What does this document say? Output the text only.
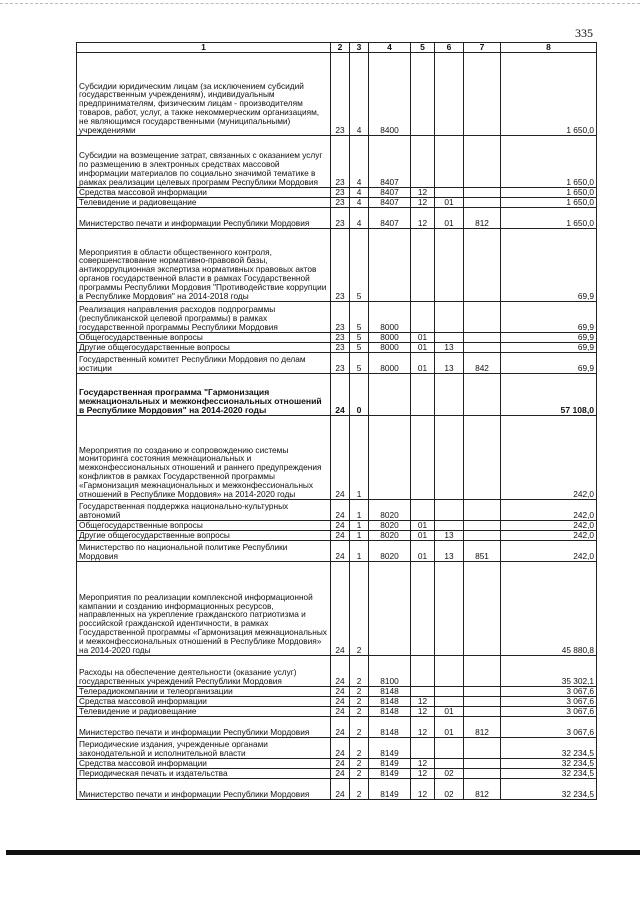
335
1	2	3	4	5	6	7	8
Субсидии юридическим лицам (за исключением субсидий государственным учреждениям), индивидуальным предпринимателям, физическим лицам - производителям товаров, работ, услуг, а также некоммерческим организациям, не являющимся государственными (муниципальными) учреждениями	23	4	8400				1 650,0
Субсидии на возмещение затрат, связанных с оказанием услуг по размещению в электронных средствах массовой информации материалов по социально значимой тематике в рамках реализации целевых программ Республики Мордовия	23	4	8407				1 650,0
Средства массовой информации	23	4	8407	12			1 650,0
Телевидение и радиовещание	23	4	8407	12	01		1 650,0
Министерство печати и информации Республики Мордовия	23	4	8407	12	01	812	1 650,0
Мероприятия в области общественного контроля, совершенствование нормативно-правовой базы, антикоррупционная экспертиза нормативных правовых актов органов государственной власти в рамках Государственной программы Республики Мордовия "Противодействие коррупции в Республике Мордовия" на 2014-2018 годы	23	5					69,9
Реализация направления расходов подпрограммы (республиканской целевой программы) в рамках государственной программы Республики Мордовия	23	5	8000				69,9
Общегосударственные вопросы	23	5	8000	01			69,9
Другие общегосударственные вопросы	23	5	8000	01	13		69,9
Государственный комитет Республики Мордовия по делам юстиции	23	5	8000	01	13	842	69,9
Государственная программа "Гармонизация межнациональных и межконфессиональных отношений в Республике Мордовия" на 2014-2020 годы	24	0					57 108,0
Мероприятия по созданию и сопровождению системы мониторинга состояния межнациональных и межконфессиональных отношений и раннего предупреждения конфликтов в рамках Государственной программы «Гармонизация межнациональных и межконфессиональных отношений в Республике Мордовия» на 2014-2020 годы	24	1					242,0
Государственная поддержка национально-культурных автономий	24	1	8020				242,0
Общегосударственные вопросы	24	1	8020	01			242,0
Другие общегосударственные вопросы	24	1	8020	01	13		242,0
Министерство по национальной политике Республики Мордовия	24	1	8020	01	13	851	242,0
Мероприятия по реализации комплексной информационной кампании и созданию информационных ресурсов, направленных на укрепление гражданского патриотизма и российской гражданской идентичности, в рамках Государственной программы «Гармонизация межнациональных и межконфессиональных отношений в Республике Мордовия» на 2014-2020 годы	24	2					45 880,8
Расходы на обеспечение деятельности (оказание услуг) государственных учреждений Республики Мордовия	24	2	8100				35 302,1
Телерадиокомпании и телеорганизации	24	2	8148				3 067,6
Средства массовой информации	24	2	8148	12			3 067,6
Телевидение и радиовещание	24	2	8148	12	01		3 067,6
Министерство печати и информации Республики Мордовия	24	2	8148	12	01	812	3 067,6
Периодические издания, учрежденные органами законодательной и исполнительной власти	24	2	8149				32 234,5
Средства массовой информации	24	2	8149	12			32 234,5
Периодическая печать и издательства	24	2	8149	12	02		32 234,5
Министерство печати и информации Республики Мордовия	24	2	8149	12	02	812	32 234,5
